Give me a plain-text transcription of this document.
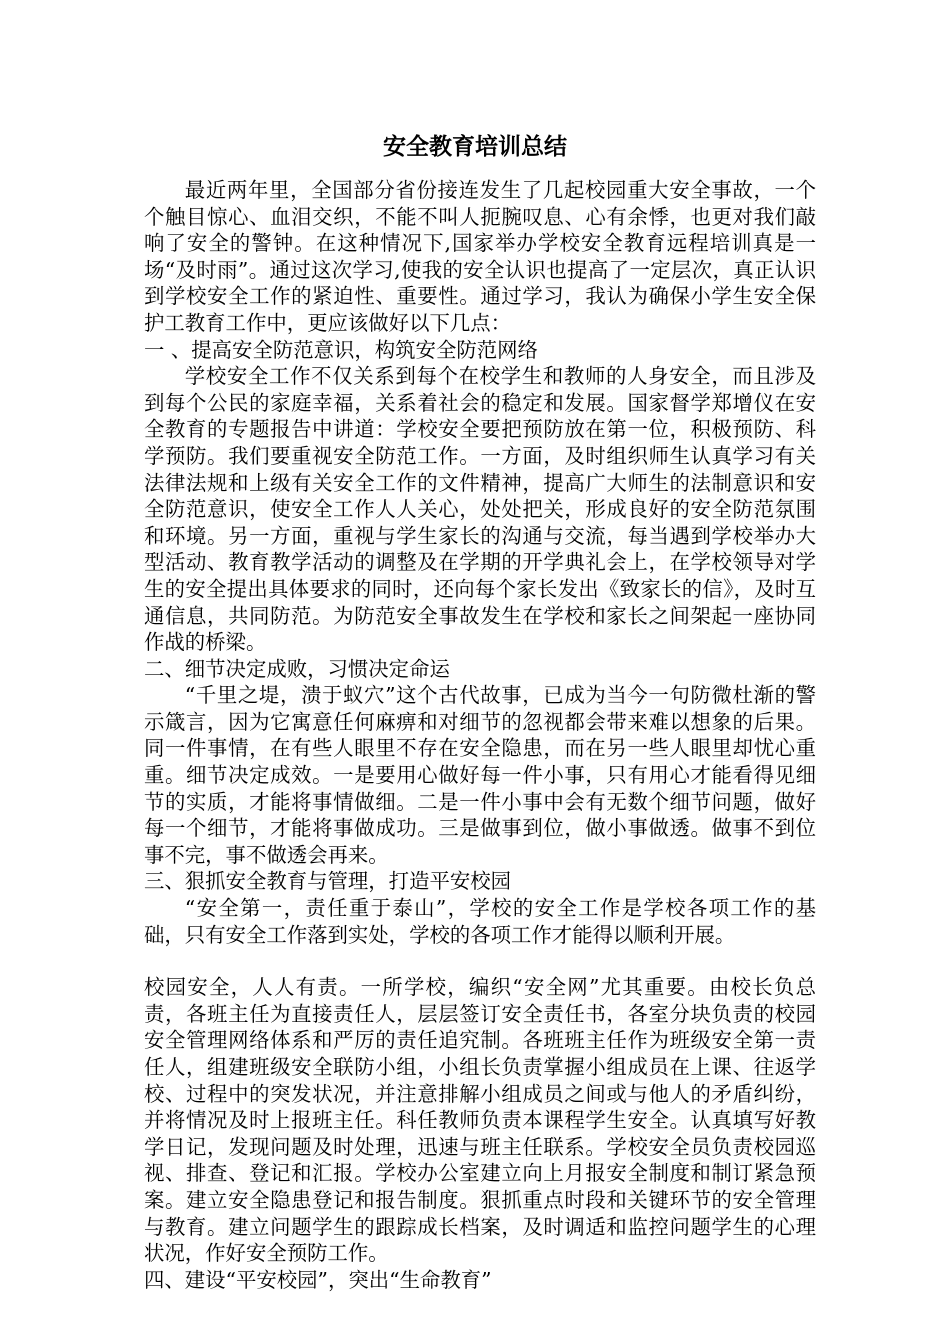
安全教育培训总结

最近两年里，全国部分省份接连发生了几起校园重大安全事故，一个个触目惊心、血泪交织，不能不叫人扼腕叹息、心有余悸，也更对我们敲响了安全的警钟。在这种情况下,国家举办学校安全教育远程培训真是一场“及时雨”。通过这次学习,使我的安全认识也提高了一定层次，真正认识到学校安全工作的紧迫性、重要性。通过学习，我认为确保小学生安全保护工教育工作中，更应该做好以下几点：

一 、提高安全防范意识，构筑安全防范网络

学校安全工作不仅关系到每个在校学生和教师的人身安全，而且涉及到每个公民的家庭幸福，关系着社会的稳定和发展。国家督学郑增仪在安全教育的专题报告中讲道：学校安全要把预防放在第一位，积极预防、科学预防。我们要重视安全防范工作。一方面，及时组织师生认真学习有关法律法规和上级有关安全工作的文件精神，提高广大师生的法制意识和安全防范意识，使安全工作人人关心，处处把关，形成良好的安全防范氛围和环境。另一方面，重视与学生家长的沟通与交流，每当遇到学校举办大型活动、教育教学活动的调整及在学期的开学典礼会上，在学校领导对学生的安全提出具体要求的同时，还向每个家长发出《致家长的信》，及时互通信息，共同防范。为防范安全事故发生在学校和家长之间架起一座协同作战的桥梁。

二、细节决定成败，习惯决定命运

“千里之堤，溃于蚁穴”这个古代故事，已成为当今一句防微杜渐的警示箴言，因为它寓意任何麻痹和对细节的忽视都会带来难以想象的后果。同一件事情，在有些人眼里不存在安全隐患，而在另一些人眼里却忧心重重。细节决定成效。一是要用心做好每一件小事，只有用心才能看得见细节的实质，才能将事情做细。二是一件小事中会有无数个细节问题，做好每一个细节，才能将事做成功。三是做事到位，做小事做透。做事不到位事不完，事不做透会再来。

三、狠抓安全教育与管理，打造平安校园

“安全第一，责任重于泰山”，学校的安全工作是学校各项工作的基础，只有安全工作落到实处，学校的各项工作才能得以顺利开展。

校园安全，人人有责。一所学校，编织“安全网”尤其重要。由校长负总责，各班主任为直接责任人，层层签订安全责任书，各室分块负责的校园安全管理网络体系和严厉的责任追究制。各班班主任作为班级安全第一责任人，组建班级安全联防小组，小组长负责掌握小组成员在上课、往返学校、过程中的突发状况，并注意排解小组成员之间或与他人的矛盾纠纷，并将情况及时上报班主任。科任教师负责本课程学生安全。认真填写好教学日记，发现问题及时处理，迅速与班主任联系。学校安全员负责校园巡视、排查、登记和汇报。学校办公室建立向上月报安全制度和制订紧急预案。建立安全隐患登记和报告制度。狠抓重点时段和关键环节的安全管理与教育。建立问题学生的跟踪成长档案，及时调适和监控问题学生的心理状况，作好安全预防工作。

四、建设“平安校园”，突出“生命教育”
